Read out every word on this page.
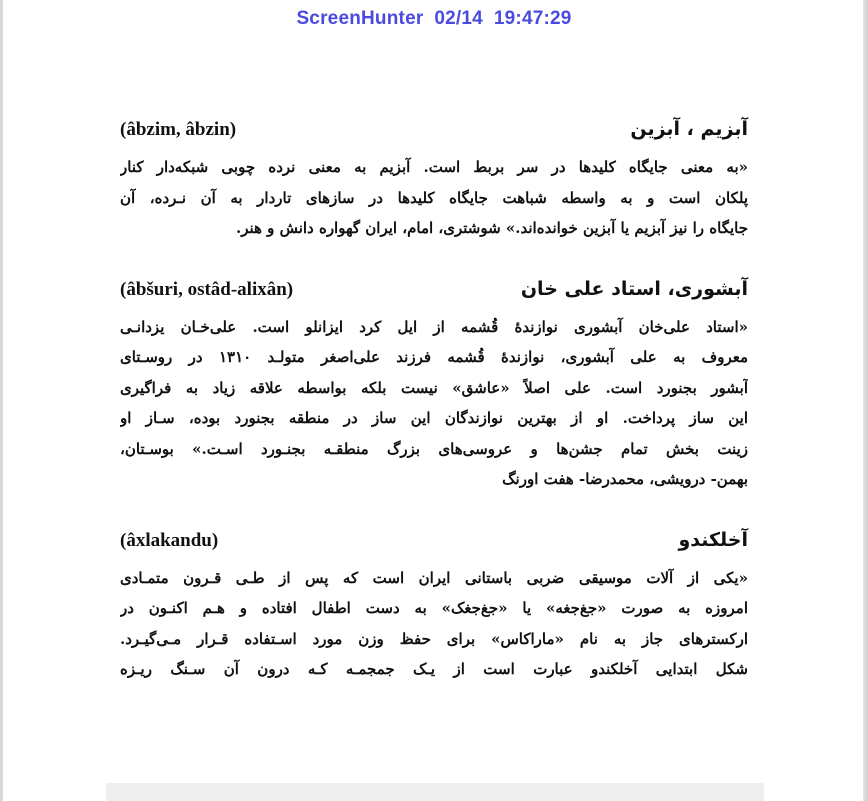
ScreenHunter  02/14  19:47:29
(âbzim, âbzin)	آبزیم ، آبزین
«به معنی جایگاه کلیدها در سر بربط است. آبزیم به معنی نرده چوبی شبکه‌دار کنار
پلکان است و به واسطه شباهت جایگاه کلیدها در سازهای تاردار به آن نـرده، آن
جایگاه را نیز آبزیم یا آبزین خوانده‌اند.» شوشتری، امام، ایران گهواره دانش و هنر.
(âbšuri, ostâd-alixân)	آبشوری، استاد علی خان
«استاد علی‌خان آبشوری نوازندهٔ قُشمه از ایل کرد ایزانلو است. علی‌خـان یزدانـی
معروف به علی آبشوری، نوازندهٔ قُشمه فرزند علی‌اصغر متولـد ۱۳۱۰ در روسـتای
آبشور بجنورد است. علی اصلاً «عاشق» نیست بلکه بواسطه علاقه زیاد به فراگیری
این ساز پرداخت. او از بهترین نوازندگان این ساز در منطقه بجنورد بوده، سـاز او
زینت بخش تمام جشن‌ها و عروسی‌های بزرگ منطقـه بجنـورد اسـت.» بوسـتان،
بهمن- درویشی، محمدرضا- هفت اورنگ
(âxlakandu)	آخلکندو
«یکی از آلات موسیقی ضربی باستانی ایران است که پس از طـی قـرون متمـادی
امروزه به صورت «جغ‌جغه» یا «جغ‌جغک» به دست اطفال افتاده و هـم اکنـون در
ارکسترهای جاز به نام «ماراکاس» برای حفظ وزن مورد اسـتفاده قـرار مـی‌گیـرد.
شکل ابتدایی آخلکندو عبارت است از یـک جمجمـه کـه درون آن سـنگ ریـزه
